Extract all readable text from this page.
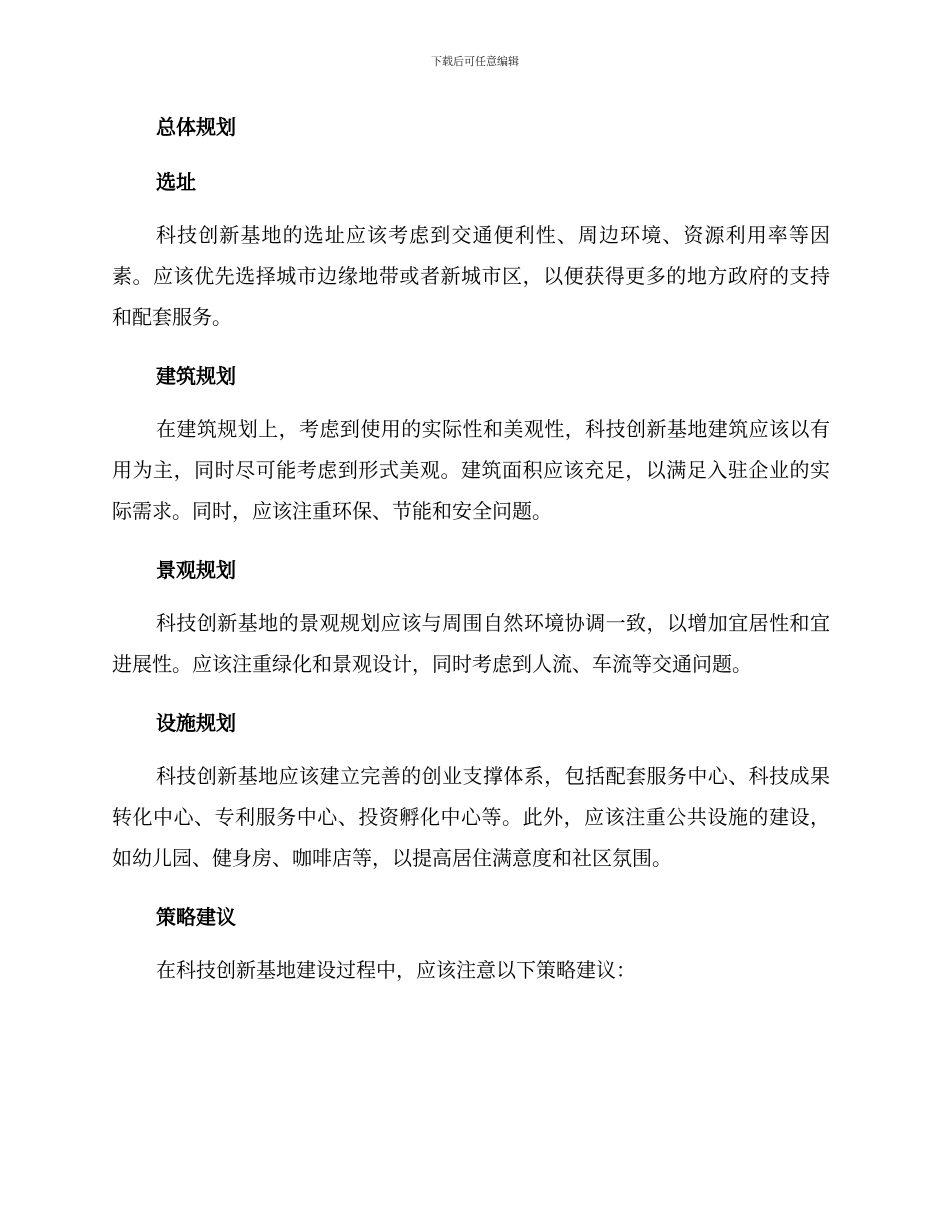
下载后可任意编辑
总体规划
选址

科技创新基地的选址应该考虑到交通便利性、周边环境、资源利用率等因素。应该优先选择城市边缘地带或者新城市区，以便获得更多的地方政府的支持和配套服务。

建筑规划

在建筑规划上，考虑到使用的实际性和美观性，科技创新基地建筑应该以有用为主，同时尽可能考虑到形式美观。建筑面积应该充足，以满足入驻企业的实际需求。同时，应该注重环保、节能和安全问题。

景观规划

科技创新基地的景观规划应该与周围自然环境协调一致，以增加宜居性和宜进展性。应该注重绿化和景观设计，同时考虑到人流、车流等交通问题。

设施规划

科技创新基地应该建立完善的创业支撑体系，包括配套服务中心、科技成果转化中心、专利服务中心、投资孵化中心等。此外，应该注重公共设施的建设，如幼儿园、健身房、咖啡店等，以提高居住满意度和社区氛围。

策略建议

在科技创新基地建设过程中，应该注意以下策略建议：
